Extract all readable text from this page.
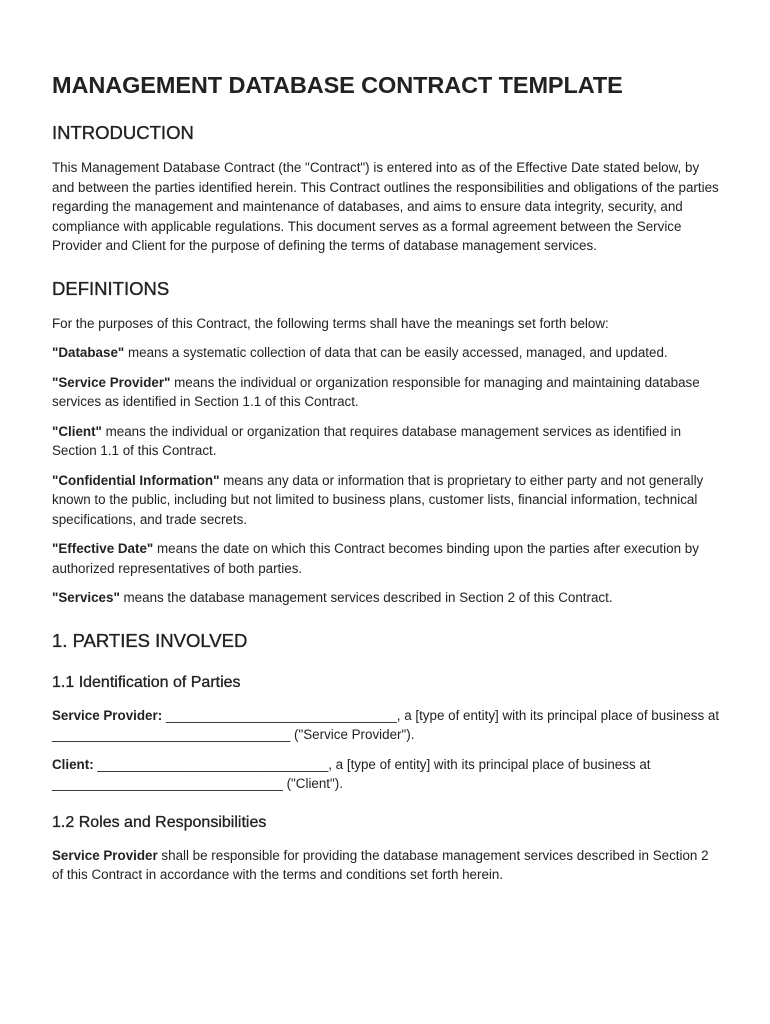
MANAGEMENT DATABASE CONTRACT TEMPLATE
INTRODUCTION

This Management Database Contract (the "Contract") is entered into as of the Effective Date stated below, by and between the parties identified herein. This Contract outlines the responsibilities and obligations of the parties regarding the management and maintenance of databases, and aims to ensure data integrity, security, and compliance with applicable regulations. This document serves as a formal agreement between the Service Provider and Client for the purpose of defining the terms of database management services.

DEFINITIONS

For the purposes of this Contract, the following terms shall have the meanings set forth below:

"Database" means a systematic collection of data that can be easily accessed, managed, and updated.

"Service Provider" means the individual or organization responsible for managing and maintaining database services as identified in Section 1.1 of this Contract.

"Client" means the individual or organization that requires database management services as identified in Section 1.1 of this Contract.

"Confidential Information" means any data or information that is proprietary to either party and not generally known to the public, including but not limited to business plans, customer lists, financial information, technical specifications, and trade secrets.

"Effective Date" means the date on which this Contract becomes binding upon the parties after execution by authorized representatives of both parties.

"Services" means the database management services described in Section 2 of this Contract.

1. PARTIES INVOLVED
1.1 Identification of Parties

Service Provider: _______________________________, a [type of entity] with its principal place of business at ________________________________ ("Service Provider").

Client: _______________________________, a [type of entity] with its principal place of business at _______________________________ ("Client").

1.2 Roles and Responsibilities

Service Provider shall be responsible for providing the database management services described in Section 2 of this Contract in accordance with the terms and conditions set forth herein.
